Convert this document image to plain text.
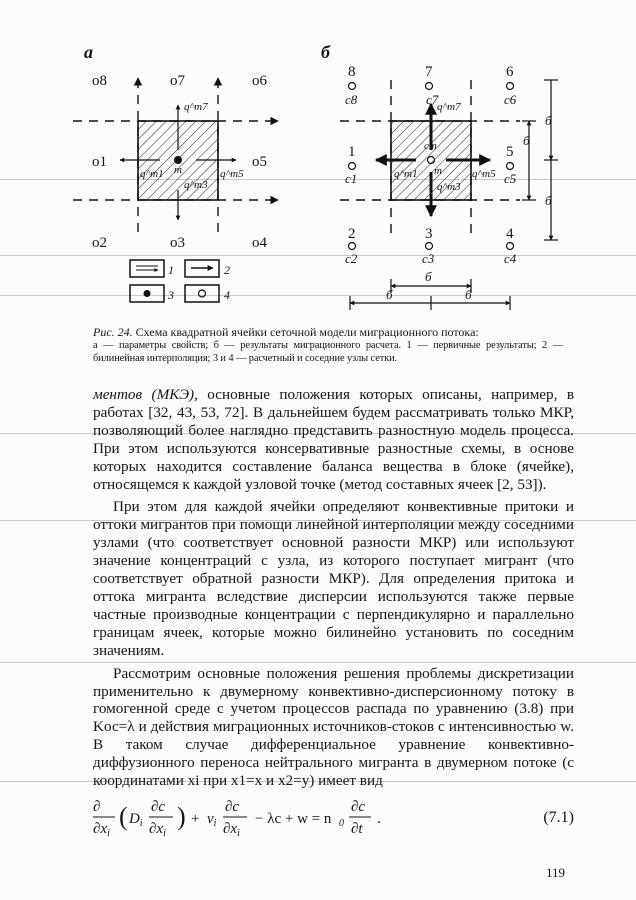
а
o8	o7	o6
o1	o5
o2	o3	o4
m
q^m7
q^m1
q^m3
q^m5
1	2
3	4
б
8	7	6
1	5
2	3	4
c8	c7	c6
c1	c5
c2	c3	c4
cm
m
q^m7
q^m1
q^m3
q^m5
б
б
б
б
б	б
Рис. 24. Схема квадратной ячейки сеточной модели миграционного потока:
а — параметры свойств; б — результаты миграционного расчета. 1 — первичные результаты; 2 — билинейная интерполяция; 3 и 4 — расчетный и соседние узлы сетки.

ментов (МКЭ), основные положения которых описаны, например, в работах [32, 43, 53, 72]. В дальнейшем будем рассматривать только МКР, позволяющий более наглядно представить разностную модель процесса. При этом используются консервативные разностные схемы, в основе которых находится составление баланса вещества в блоке (ячейке), относящемся к каждой узловой точке (метод составных ячеек [2, 53]).

При этом для каждой ячейки определяют конвективные притоки и оттоки мигрантов при помощи линейной интерполяции между соседними узлами (что соответствует основной разности МКР) или используют значение концентраций c узла, из которого поступает мигрант (что соответствует обратной разности МКР). Для определения притока и оттока мигранта вследствие дисперсии используются также первые частные производные концентрации c перпендикулярно и параллельно границам ячеек, которые можно билинейно установить по соседним значениям.

Рассмотрим основные положения решения проблемы дискретизации применительно к двумерному конвективно-дисперсионному потоку в гомогенной среде с учетом процессов распада по уравнению (3.8) при Kос=λ и действия миграционных источников-стоков с интенсивностью w. В таком случае дифференциальное уравнение конвективно-диффузионного переноса нейтрального мигранта в двумерном потоке (с координатами xi при x1=x и x2=y) имеет вид

∂
$\partial x_i$
( $D_i$
∂c
$\partial x_i$
) + $v_i$
∂c
$\partial x_i$
− λc + w = n 0
∂c
∂t
.	(7.1)
119
